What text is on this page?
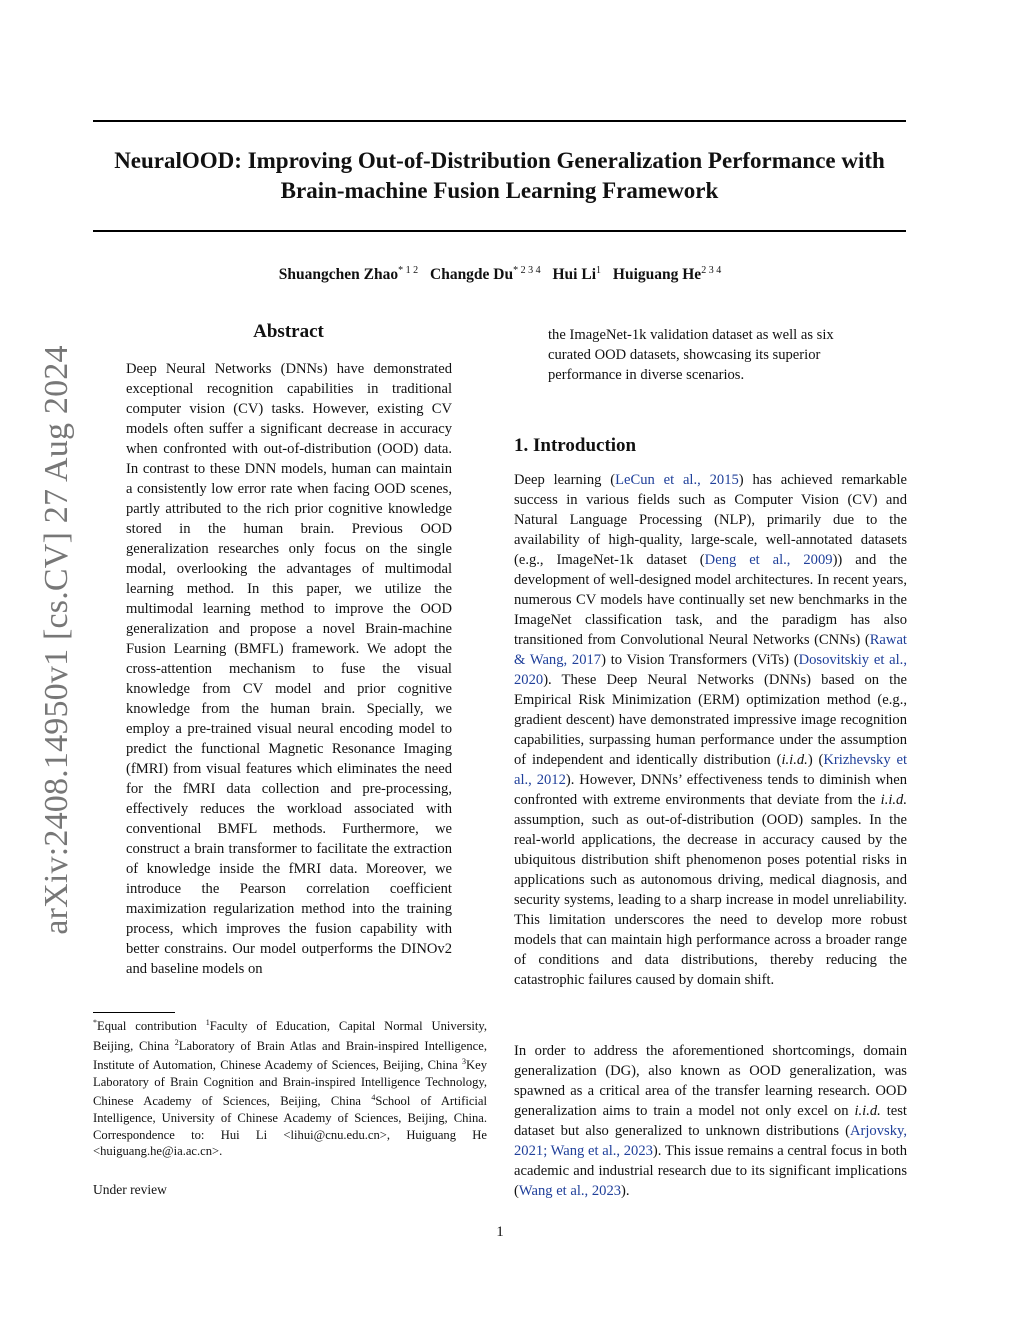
NeuralOOD: Improving Out-of-Distribution Generalization Performance with
Brain-machine Fusion Learning Framework
Shuangchen Zhao$^{* 1 2}$ Changde $Du^{* 2 3 4}$ Hui Li$^1$ Huiguang $He^{2 3 4}$
arXiv:2408.14950v1 [cs.CV] 27 Aug 2024
Abstract
Deep Neural Networks (DNNs) have demonstrated exceptional recognition capabilities in traditional computer vision (CV) tasks. However, existing CV models often suffer a significant decrease in accuracy when confronted with out-of-distribution (OOD) data. In contrast to these DNN models, human can maintain a consistently low error rate when facing OOD scenes, partly attributed to the rich prior cognitive knowledge stored in the human brain. Previous OOD generalization researches only focus on the single modal, overlooking the advantages of multimodal learning method. In this paper, we utilize the multimodal learning method to improve the OOD generalization and propose a novel Brain-machine Fusion Learning (BMFL) framework. We adopt the cross-attention mechanism to fuse the visual knowledge from CV model and prior cognitive knowledge from the human brain. Specially, we employ a pre-trained visual neural encoding model to predict the functional Magnetic Resonance Imaging (fMRI) from visual features which eliminates the need for the fMRI data collection and pre-processing, effectively reduces the workload associated with conventional BMFL methods. Furthermore, we construct a brain transformer to facilitate the extraction of knowledge inside the fMRI data. Moreover, we introduce the Pearson correlation coefficient maximization regularization method into the training process, which improves the fusion capability with better constrains. Our model outperforms the DINOv2 and baseline models on
*Equal contribution $^1$Faculty of Education, Capital Normal University, Beijing, China $^2$Laboratory of Brain Atlas and Brain-inspired Intelligence, Institute of Automation, Chinese Academy of Sciences, Beijing, China $^3$Key Laboratory of Brain Cognition and Brain-inspired Intelligence Technology, Chinese Academy of Sciences, Beijing, China $^4$School of Artificial Intelligence, University of Chinese Academy of Sciences, Beijing, China. Correspondence to: Hui Li <lihui@cnu.edu.cn>, Huiguang He <huiguang.he@ia.ac.cn>.
Under review
the ImageNet-1k validation dataset as well as six curated OOD datasets, showcasing its superior performance in diverse scenarios.
1. Introduction
Deep learning (LeCun et al., 2015) has achieved remarkable success in various fields such as Computer Vision (CV) and Natural Language Processing (NLP), primarily due to the availability of high-quality, large-scale, well-annotated datasets (e.g., ImageNet-1k dataset (Deng et al., 2009)) and the development of well-designed model architectures. In recent years, numerous CV models have continually set new benchmarks in the ImageNet classification task, and the paradigm has also transitioned from Convolutional Neural Networks (CNNs) (Rawat & Wang, 2017) to Vision Transformers (ViTs) (Dosovitskiy et al., 2020). These Deep Neural Networks (DNNs) based on the Empirical Risk Minimization (ERM) optimization method (e.g., gradient descent) have demonstrated impressive image recognition capabilities, surpassing human performance under the assumption of independent and identically distribution (i.i.d.) (Krizhevsky et al., 2012). However, DNNs’ effectiveness tends to diminish when confronted with extreme environments that deviate from the i.i.d. assumption, such as out-of-distribution (OOD) samples. In the real-world applications, the decrease in accuracy caused by the ubiquitous distribution shift phenomenon poses potential risks in applications such as autonomous driving, medical diagnosis, and security systems, leading to a sharp increase in model unreliability. This limitation underscores the need to develop more robust models that can maintain high performance across a broader range of conditions and data distributions, thereby reducing the catastrophic failures caused by domain shift.
In order to address the aforementioned shortcomings, domain generalization (DG), also known as OOD generalization, was spawned as a critical area of the transfer learning research. OOD generalization aims to train a model not only excel on i.i.d. test dataset but also generalized to unknown distributions (Arjovsky, 2021; Wang et al., 2023). This issue remains a central focus in both academic and industrial research due to its significant implications (Wang et al., 2023).
1
